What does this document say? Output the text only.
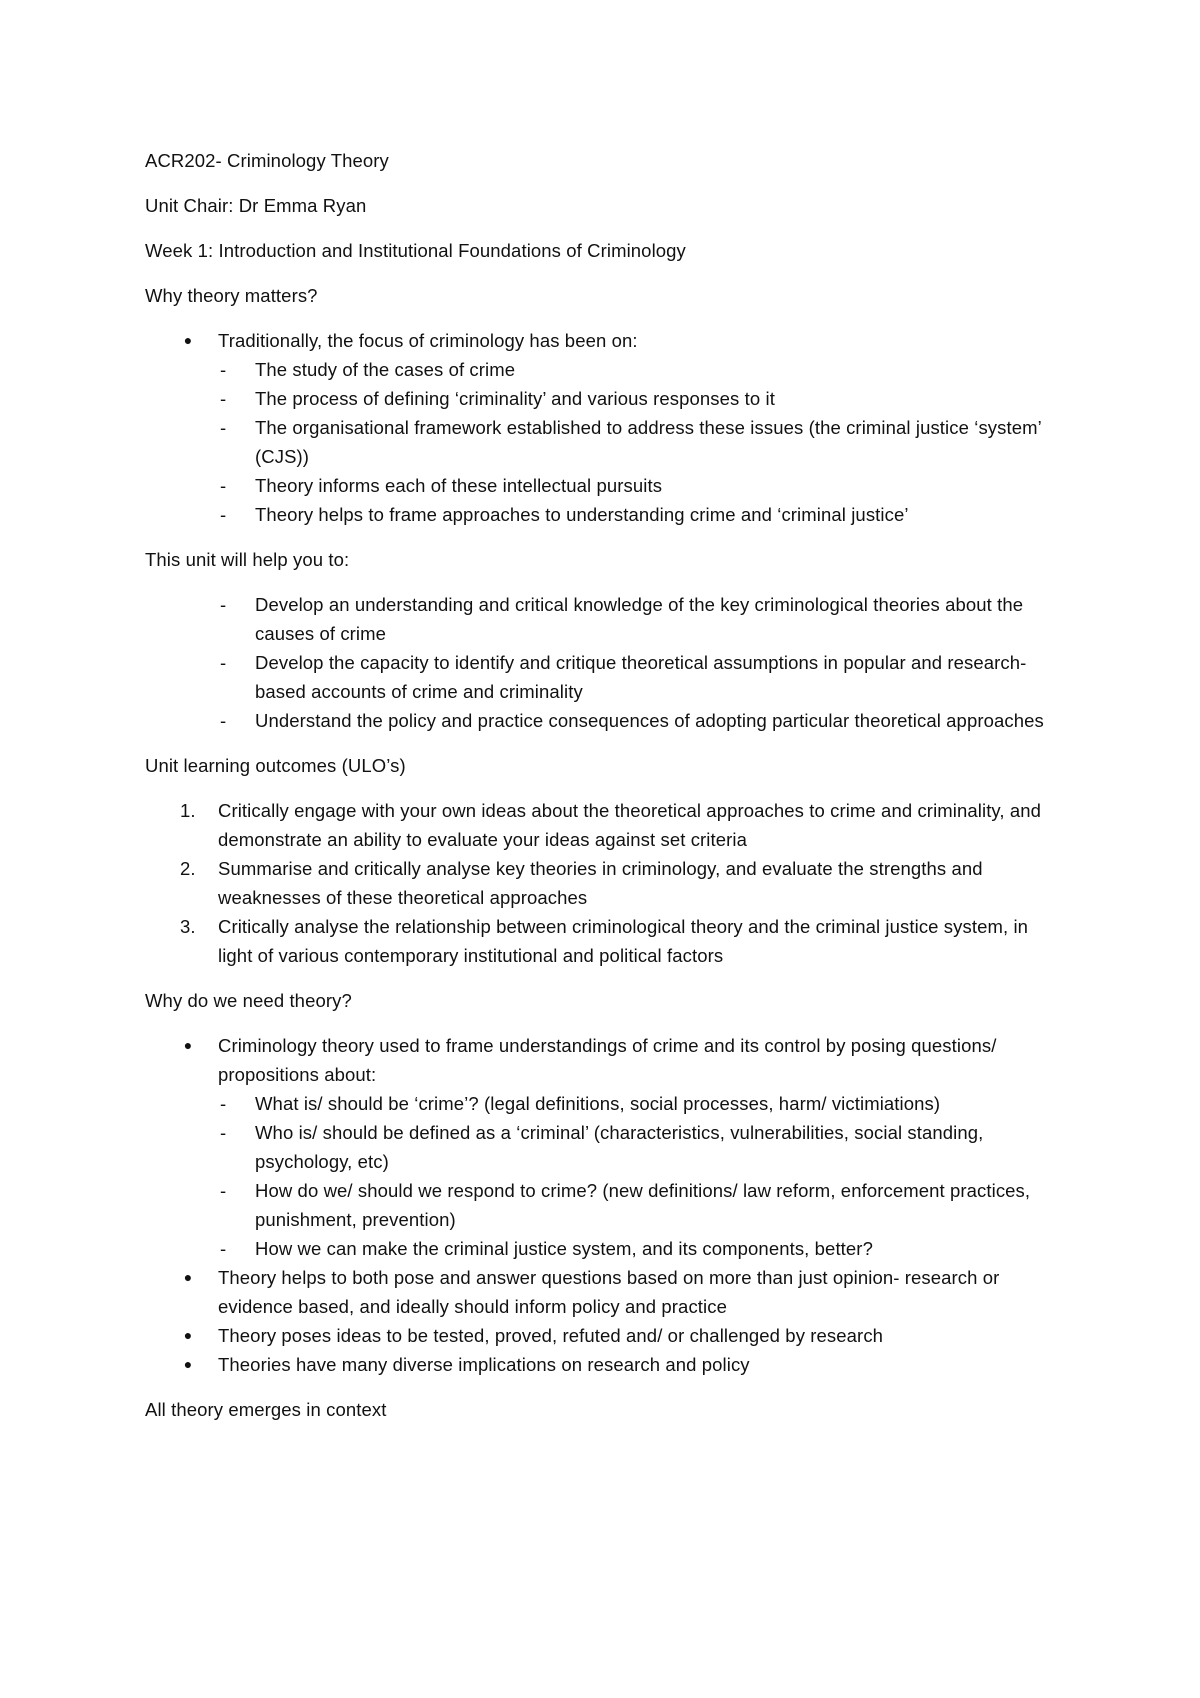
ACR202- Criminology Theory

Unit Chair: Dr Emma Ryan

Week 1: Introduction and Institutional Foundations of Criminology

Why theory matters?

● Traditionally, the focus of criminology has been on:
- The study of the cases of crime
- The process of defining ‘criminality’ and various responses to it
- The organisational framework established to address these issues (the criminal justice ‘system’ (CJS))
- Theory informs each of these intellectual pursuits
- Theory helps to frame approaches to understanding crime and ‘criminal justice’

This unit will help you to:

- Develop an understanding and critical knowledge of the key criminological theories about the causes of crime
- Develop the capacity to identify and critique theoretical assumptions in popular and research- based accounts of crime and criminality
- Understand the policy and practice consequences of adopting particular theoretical approaches

Unit learning outcomes (ULO’s)

1. Critically engage with your own ideas about the theoretical approaches to crime and criminality, and demonstrate an ability to evaluate your ideas against set criteria
2. Summarise and critically analyse key theories in criminology, and evaluate the strengths and weaknesses of these theoretical approaches
3. Critically analyse the relationship between criminological theory and the criminal justice system, in light of various contemporary institutional and political factors

Why do we need theory?

● Criminology theory used to frame understandings of crime and its control by posing questions/ propositions about:
- What is/ should be ‘crime’? (legal definitions, social processes, harm/ victimiations)
- Who is/ should be defined as a ‘criminal’ (characteristics, vulnerabilities, social standing, psychology, etc)
- How do we/ should we respond to crime? (new definitions/ law reform, enforcement practices, punishment, prevention)
- How we can make the criminal justice system, and its components, better?
● Theory helps to both pose and answer questions based on more than just opinion- research or evidence based, and ideally should inform policy and practice
● Theory poses ideas to be tested, proved, refuted and/ or challenged by research
● Theories have many diverse implications on research and policy

All theory emerges in context
